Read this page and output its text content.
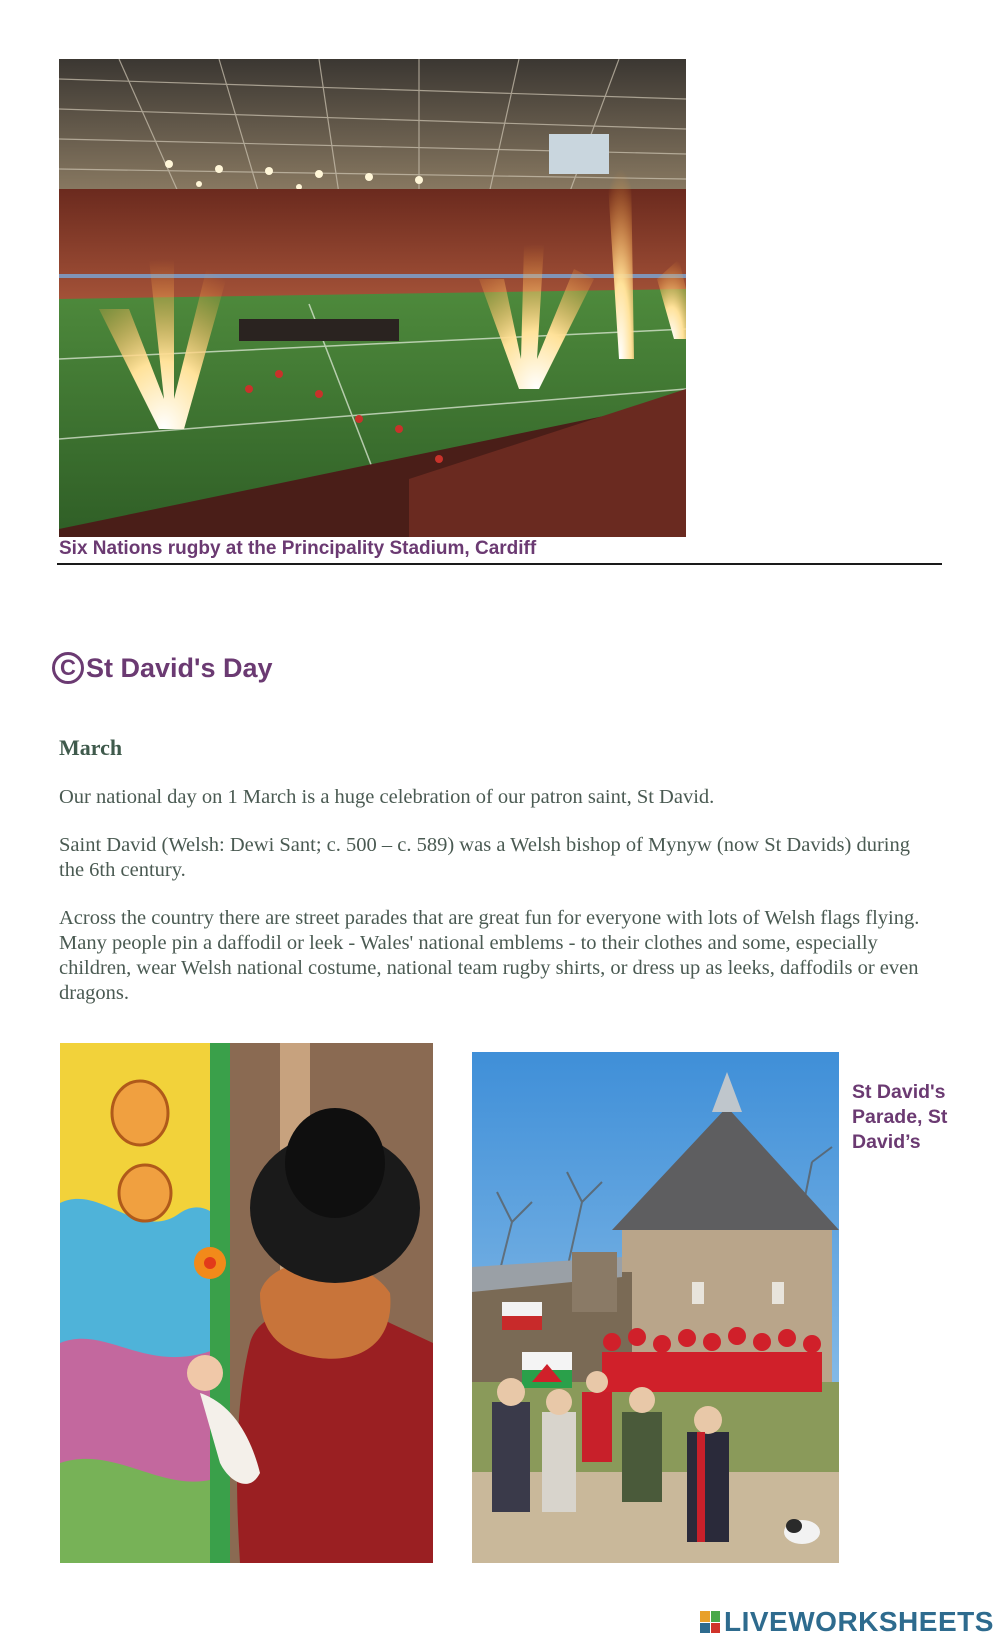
Six Nations rugby at the Principality Stadium, Cardiff
C St David's Day
March

Our national day on 1 March is a huge celebration of our patron saint, St David.

Saint David (Welsh: Dewi Sant; c. 500 – c. 589) was a Welsh bishop of Mynyw (now St Davids) during the 6th century.

Across the country there are street parades that are great fun for everyone with lots of Welsh flags flying. Many people pin a daffodil or leek - Wales' national emblems - to their clothes and some, especially children, wear Welsh national costume, national team rugby shirts, or dress up as leeks, daffodils or even dragons.

St David's Parade, St David’s
LIVEWORKSHEETS
